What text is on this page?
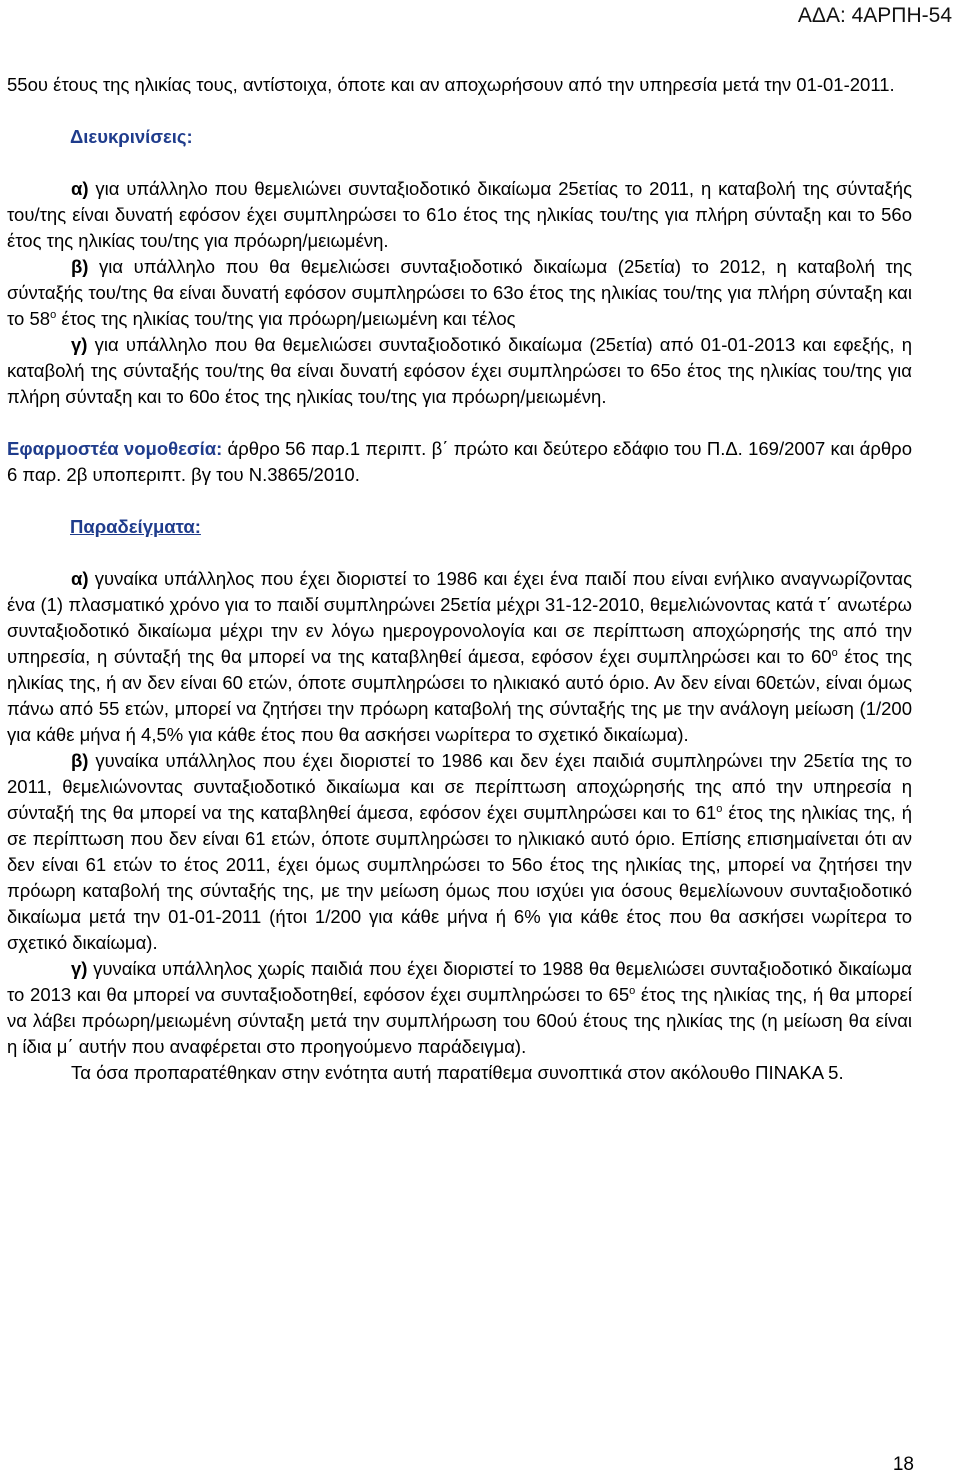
ΑΔΑ: 4ΑΡΠΗ-54

55ου έτους της ηλικίας τους, αντίστοιχα, όποτε και αν αποχωρήσουν από την υπηρεσία μετά την 01-01-2011.

Διευκρινίσεις:

α) για υπάλληλο που θεμελιώνει συνταξιοδοτικό δικαίωμα 25ετίας το 2011, η καταβολή της σύνταξής του/της είναι δυνατή εφόσον έχει συμπληρώσει το 61ο έτος της ηλικίας του/της για πλήρη σύνταξη και το 56ο έτος της ηλικίας του/της για πρόωρη/μειωμένη.

β) για υπάλληλο που θα θεμελιώσει συνταξιοδοτικό δικαίωμα (25ετία) το 2012, η καταβολή της σύνταξής του/της θα είναι δυνατή εφόσον συμπληρώσει το 63ο έτος της ηλικίας του/της για πλήρη σύνταξη και το $58^o$ έτος της ηλικίας του/της για πρόωρη/μειωμένη και τέλος

γ) για υπάλληλο που θα θεμελιώσει συνταξιοδοτικό δικαίωμα (25ετία) από 01-01-2013 και εφεξής, η καταβολή της σύνταξής του/της θα είναι δυνατή εφόσον έχει συμπληρώσει το 65ο έτος της ηλικίας του/της για πλήρη σύνταξη και το 60ο έτος της ηλικίας του/της για πρόωρη/μειωμένη.

Εφαρμοστέα νομοθεσία: άρθρο 56 παρ.1 περιπτ. β΄ πρώτο και δεύτερο εδάφιο του Π.Δ. 169/2007 και άρθρο 6 παρ. 2β υποπεριπτ. βγ του Ν.3865/2010.

Παραδείγματα:

α) γυναίκα υπάλληλος που έχει διοριστεί το 1986 και έχει ένα παιδί που είναι ενήλικο αναγνωρίζοντας ένα (1) πλασματικό χρόνο για το παιδί συμπληρώνει 25ετία μέχρι 31-12-2010, θεμελιώνοντας κατά τ΄ ανωτέρω συνταξιοδοτικό δικαίωμα μέχρι την εν λόγω ημερογρονολογία και σε περίπτωση αποχώρησής της από την υπηρεσία, η σύνταξή της θα μπορεί να της καταβληθεί άμεσα, εφόσον έχει συμπληρώσει και το $60^o$ έτος της ηλικίας της, ή αν δεν είναι 60 ετών, όποτε συμπληρώσει το ηλικιακό αυτό όριο. Αν δεν είναι 60ετών, είναι όμως πάνω από 55 ετών, μπορεί να ζητήσει την πρόωρη καταβολή της σύνταξής της με την ανάλογη μείωση (1/200 για κάθε μήνα ή 4,5% για κάθε έτος που θα ασκήσει νωρίτερα το σχετικό δικαίωμα).

β) γυναίκα υπάλληλος που έχει διοριστεί το 1986 και δεν έχει παιδιά συμπληρώνει την 25ετία της το 2011, θεμελιώνοντας συνταξιοδοτικό δικαίωμα και σε περίπτωση αποχώρησής της από την υπηρεσία η σύνταξή της θα μπορεί να της καταβληθεί άμεσα, εφόσον έχει συμπληρώσει και το $61^o$ έτος της ηλικίας της, ή σε περίπτωση που δεν είναι 61 ετών, όποτε συμπληρώσει το ηλικιακό αυτό όριο. Επίσης επισημαίνεται ότι αν δεν είναι 61 ετών το έτος 2011, έχει όμως συμπληρώσει το 56ο έτος της ηλικίας της, μπορεί να ζητήσει την πρόωρη καταβολή της σύνταξής της, με την μείωση όμως που ισχύει για όσους θεμελίωνουν συνταξιοδοτικό δικαίωμα μετά την 01-01-2011 (ήτοι 1/200 για κάθε μήνα ή 6% για κάθε έτος που θα ασκήσει νωρίτερα το σχετικό δικαίωμα).

γ) γυναίκα υπάλληλος χωρίς παιδιά που έχει διοριστεί το 1988 θα θεμελιώσει συνταξιοδοτικό δικαίωμα το 2013 και θα μπορεί να συνταξιοδοτηθεί, εφόσον έχει συμπληρώσει το $65^o$ έτος της ηλικίας της, ή θα μπορεί να λάβει πρόωρη/μειωμένη σύνταξη μετά την συμπλήρωση του 60ού έτους της ηλικίας της (η μείωση θα είναι η ίδια μ΄ αυτήν που αναφέρεται στο προηγούμενο παράδειγμα).

Τα όσα προπαρατέθηκαν στην ενότητα αυτή παρατίθεμα συνοπτικά στον ακόλουθο ΠΙΝΑΚΑ 5.

18
